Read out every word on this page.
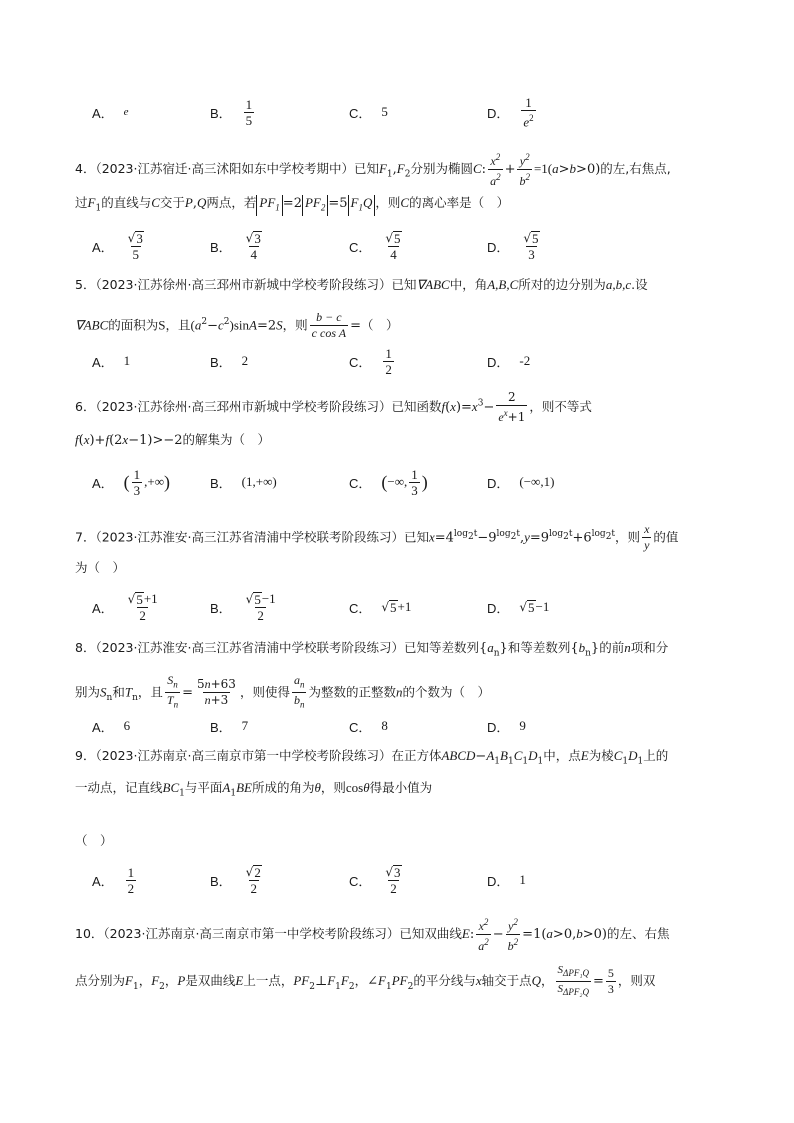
A． e	B． $\frac{1}{5}$	C． 5	D． $\frac{1}{e^2}$
4．（2023·江苏宿迁·高三沭阳如东中学校考期中）已知$F_1,F_2$分别为椭圆C: $\frac{x^2}{a^2} + \frac{y^2}{b^2} =1(a>b>0)$的左,右焦点,
过$F_1$的直线与C交于P,Q两点，若 $PF_1 =2$ $PF_2 =5$ $F_1Q$ ，则C的离心率是（　）
A． $\frac{√ 3}{5}$	B． $\frac{√ 3}{4}$	C． $\frac{√ 5}{4}$	D． $\frac{√ 5}{3}$
5．（2023·江苏徐州·高三邳州市新城中学校考阶段练习）已知∇ABC中，角A,B,C所对的边分别为a,b,c.设
∇ABC的面积为S，且$(a^2-c^2)\sin A=2S$，则 $\frac{b - c}{\text{c cos A}}$ =（　）
A． 1	B． 2	C． $\frac{1}{2}$	D． -2
6．（2023·江苏徐州·高三邳州市新城中学校考阶段练习）已知函数$f(x)=x^3- \frac{2}{e^x+1}$ ，则不等式
f(x)+f(2x−1)>−2的解集为（　）
A． ( $\frac{1}{3}$ ,+∞ )	B． (1,+∞)	C． ( −∞, $\frac{1}{3}$ )	D． (−∞,1)
7．（2023·江苏淮安·高三江苏省清浦中学校联考阶段练习）已知$x=4^{log_2t}-9^{log_2t},y=9^{log_2t}+6^{log_2t}$，则 $\frac{x}{y}$ 的值
为（　）
A． $\frac{√ 5 +1}{2}$	B． $\frac{√ 5 -1}{2}$	C． √ 5 +1	D． √ 5 −1
8．（2023·江苏淮安·高三江苏省清浦中学校联考阶段练习）已知等差数列$\{a_n\}$和等差数列$\{b_n\}$的前n项和分
别为$S_n$和$T_n$，且 $\frac{S_n}{T_n} = \frac{5n+63}{n+3}$ ，则使得 $\frac{a_n}{b_n}$ 为整数的正整数n的个数为（　）
A． 6	B． 7	C． 8	D． 9
9．（2023·江苏南京·高三南京市第一中学校考阶段练习）在正方体$ABCD-A_1B_1C_1D_1$中，点E为棱$C_1D_1$上的
一动点，记直线$BC_1$与平面$A_1BE$所成的角为θ，则cosθ得最小值为
（　）
A． $\frac{1}{2}$	B． $\frac{√ 2}{2}$	C． $\frac{√ 3}{2}$	D． 1
10．（2023·江苏南京·高三南京市第一中学校考阶段练习）已知双曲线E: $\frac{x^2}{a^2} - \frac{y^2}{b^2} =1(a>0,b>0)$的左、右焦
点分别为$F_1$，$F_2$，P是双曲线E上一点，$PF_2\perp F_1F_2$，$\angle F_1PF_2$的平分线与x轴交于点Q， $\frac{S_{\Delta PF_1Q}}{S_{\Delta PF_2Q}} = \frac{5}{3}$ ，则双
